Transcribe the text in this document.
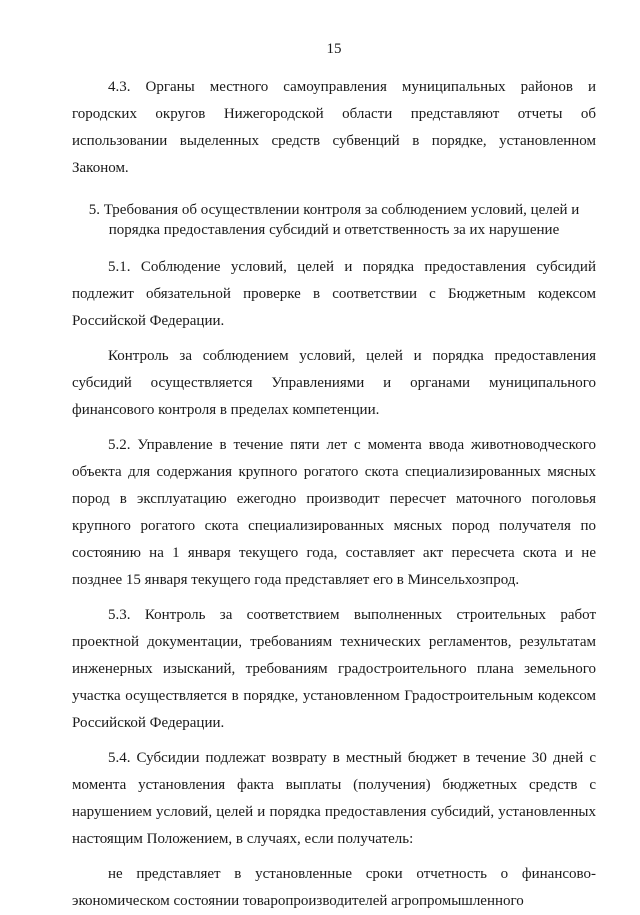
15

4.3. Органы местного самоуправления муниципальных районов и городских округов Нижегородской области представляют отчеты об использовании выделенных средств субвенций в порядке, установленном Законом.

5. Требования об осуществлении контроля за соблюдением условий, целей и порядка предоставления субсидий и ответственность за их нарушение

5.1. Соблюдение условий, целей и порядка предоставления субсидий подлежит обязательной проверке в соответствии с Бюджетным кодексом Российской Федерации.

Контроль за соблюдением условий, целей и порядка предоставления субсидий осуществляется Управлениями и органами муниципального финансового контроля в пределах компетенции.

5.2. Управление в течение пяти лет с момента ввода животноводческого объекта для содержания крупного рогатого скота специализированных мясных пород в эксплуатацию ежегодно производит пересчет маточного поголовья крупного рогатого скота специализированных мясных пород получателя по состоянию на 1 января текущего года, составляет акт пересчета скота и не позднее 15 января текущего года представляет его в Минсельхозпрод.

5.3. Контроль за соответствием выполненных строительных работ проектной документации, требованиям технических регламентов, результатам инженерных изысканий, требованиям градостроительного плана земельного участка осуществляется в порядке, установленном Градостроительным кодексом Российской Федерации.

5.4. Субсидии подлежат возврату в местный бюджет в течение 30 дней с момента установления факта выплаты (получения) бюджетных средств с нарушением условий, целей и порядка предоставления субсидий, установленных настоящим Положением, в случаях, если получатель:

не представляет в установленные сроки отчетность о финансово-экономическом состоянии товаропроизводителей агропромышленного
